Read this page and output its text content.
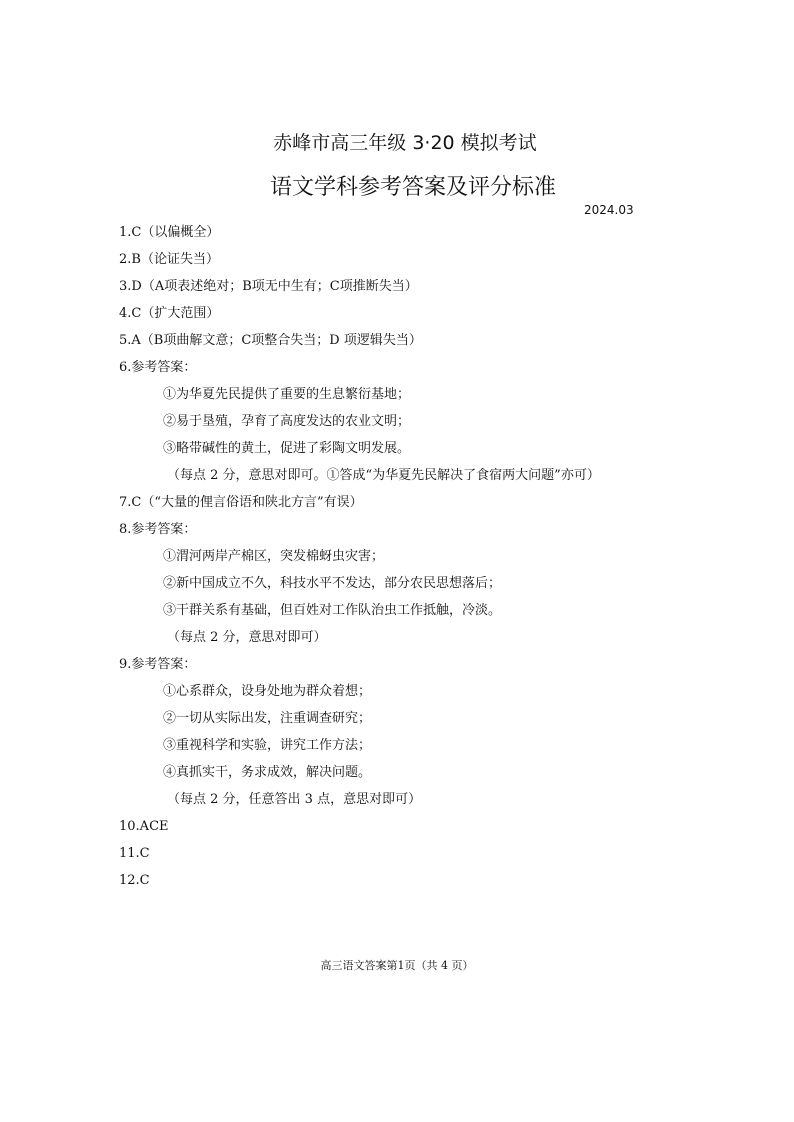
赤峰市高三年级 3·20 模拟考试
语文学科参考答案及评分标准
2024.03
1.C（以偏概全）
2.B（论证失当）
3.D（A项表述绝对；B项无中生有；C项推断失当）
4.C（扩大范围）
5.A（B项曲解文意；C项整合失当；D 项逻辑失当）
6.参考答案：
①为华夏先民提供了重要的生息繁衍基地；
②易于垦殖，孕育了高度发达的农业文明；
③略带碱性的黄土，促进了彩陶文明发展。
（每点 2 分，意思对即可。①答成“为华夏先民解决了食宿两大问题”亦可）
7.C（“大量的俚言俗语和陕北方言”有误）
8.参考答案：
①渭河两岸产棉区，突发棉蚜虫灾害；
②新中国成立不久，科技水平不发达，部分农民思想落后；
③干群关系有基础，但百姓对工作队治虫工作抵触，冷淡。
（每点 2 分，意思对即可）
9.参考答案：
①心系群众，设身处地为群众着想；
②一切从实际出发，注重调查研究；
③重视科学和实验，讲究工作方法；
④真抓实干，务求成效，解决问题。
（每点 2 分，任意答出 3 点，意思对即可）
10.ACE
11.C
12.C
高三语文答案第1页（共 4 页）
